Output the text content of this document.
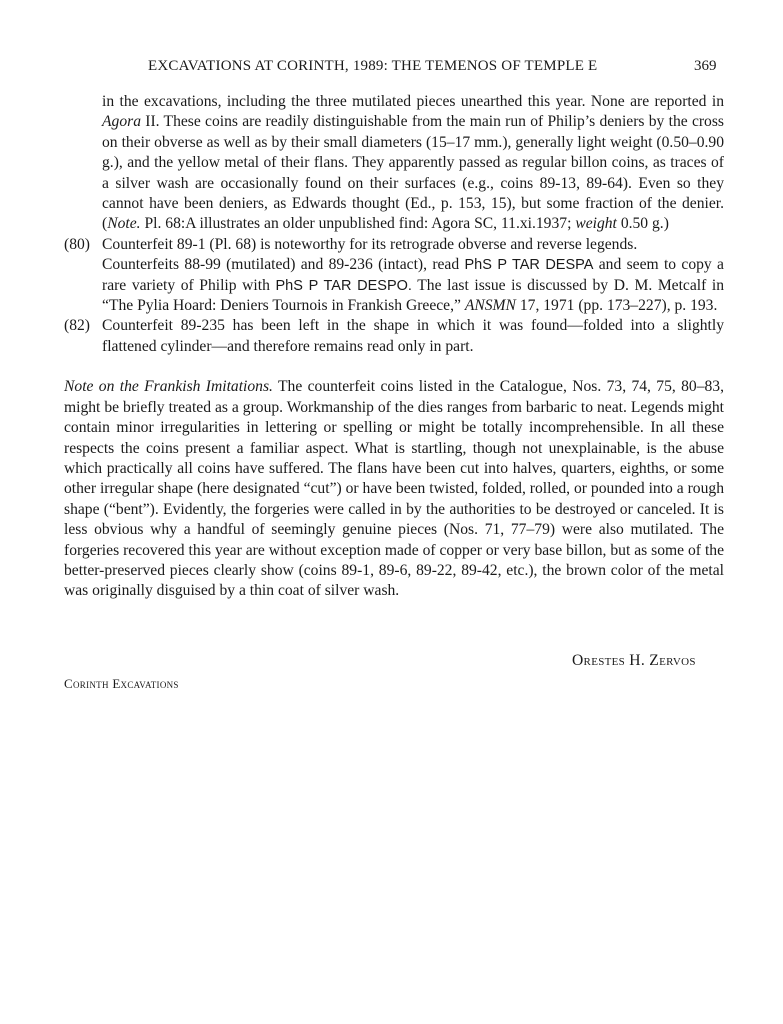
EXCAVATIONS AT CORINTH, 1989: THE TEMENOS OF TEMPLE E	369
in the excavations, including the three mutilated pieces unearthed this year. None are reported in Agora II. These coins are readily distinguishable from the main run of Philip’s deniers by the cross on their obverse as well as by their small diameters (15–17 mm.), generally light weight (0.50–0.90 g.), and the yellow metal of their flans. They apparently passed as regular billon coins, as traces of a silver wash are occasionally found on their surfaces (e.g., coins 89-13, 89-64). Even so they cannot have been deniers, as Edwards thought (Ed., p. 153, 15), but some fraction of the denier. (Note. Pl. 68:A illustrates an older unpublished find: Agora SC, 11.xi.1937; weight 0.50 g.)
(80) Counterfeit 89-1 (Pl. 68) is noteworthy for its retrograde obverse and reverse legends.
Counterfeits 88-99 (mutilated) and 89-236 (intact), read PhS P TAR DESPA and seem to copy a rare variety of Philip with PhS P TAR DESPO. The last issue is discussed by D. M. Metcalf in “The Pylia Hoard: Deniers Tournois in Frankish Greece,” ANSMN 17, 1971 (pp. 173–227), p. 193.
(82) Counterfeit 89-235 has been left in the shape in which it was found—folded into a slightly flattened cylinder—and therefore remains read only in part.
Note on the Frankish Imitations. The counterfeit coins listed in the Catalogue, Nos. 73, 74, 75, 80–83, might be briefly treated as a group. Workmanship of the dies ranges from barbaric to neat. Legends might contain minor irregularities in lettering or spelling or might be totally incomprehensible. In all these respects the coins present a familiar aspect. What is startling, though not unexplainable, is the abuse which practically all coins have suffered. The flans have been cut into halves, quarters, eighths, or some other irregular shape (here designated “cut”) or have been twisted, folded, rolled, or pounded into a rough shape (“bent”). Evidently, the forgeries were called in by the authorities to be destroyed or canceled. It is less obvious why a handful of seemingly genuine pieces (Nos. 71, 77–79) were also mutilated. The forgeries recovered this year are without exception made of copper or very base billon, but as some of the better-preserved pieces clearly show (coins 89-1, 89-6, 89-22, 89-42, etc.), the brown color of the metal was originally disguised by a thin coat of silver wash.
Orestes H. Zervos
Corinth Excavations
